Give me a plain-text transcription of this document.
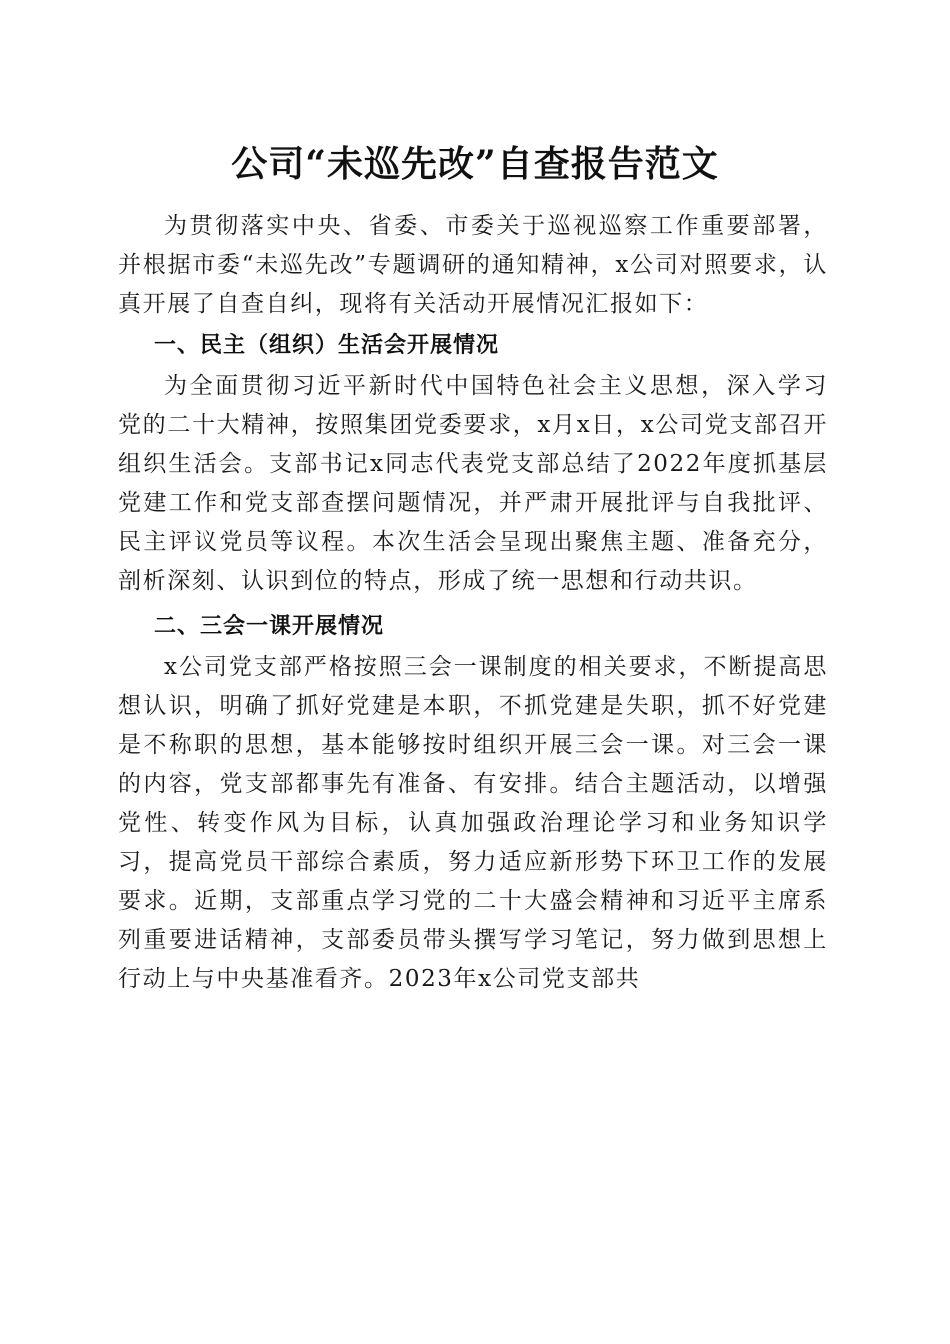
公司“未巡先改”自查报告范文

为贯彻落实中央、省委、市委关于巡视巡察工作重要部署，并根据市委“未巡先改”专题调研的通知精神，x公司对照要求，认真开展了自查自纠，现将有关活动开展情况汇报如下：

一、民主（组织）生活会开展情况

为全面贯彻习近平新时代中国特色社会主义思想，深入学习党的二十大精神，按照集团党委要求，x月x日，x公司党支部召开组织生活会。支部书记x同志代表党支部总结了2022年度抓基层党建工作和党支部查摆问题情况，并严肃开展批评与自我批评、民主评议党员等议程。本次生活会呈现出聚焦主题、准备充分，剖析深刻、认识到位的特点，形成了统一思想和行动共识。

二、三会一课开展情况

x公司党支部严格按照三会一课制度的相关要求，不断提高思想认识，明确了抓好党建是本职，不抓党建是失职，抓不好党建是不称职的思想，基本能够按时组织开展三会一课。对三会一课的内容，党支部都事先有准备、有安排。结合主题活动，以增强党性、转变作风为目标，认真加强政治理论学习和业务知识学习，提高党员干部综合素质，努力适应新形势下环卫工作的发展要求。近期，支部重点学习党的二十大盛会精神和习近平主席系列重要进话精神，支部委员带头撰写学习笔记，努力做到思想上行动上与中央基准看齐。2023年x公司党支部共
